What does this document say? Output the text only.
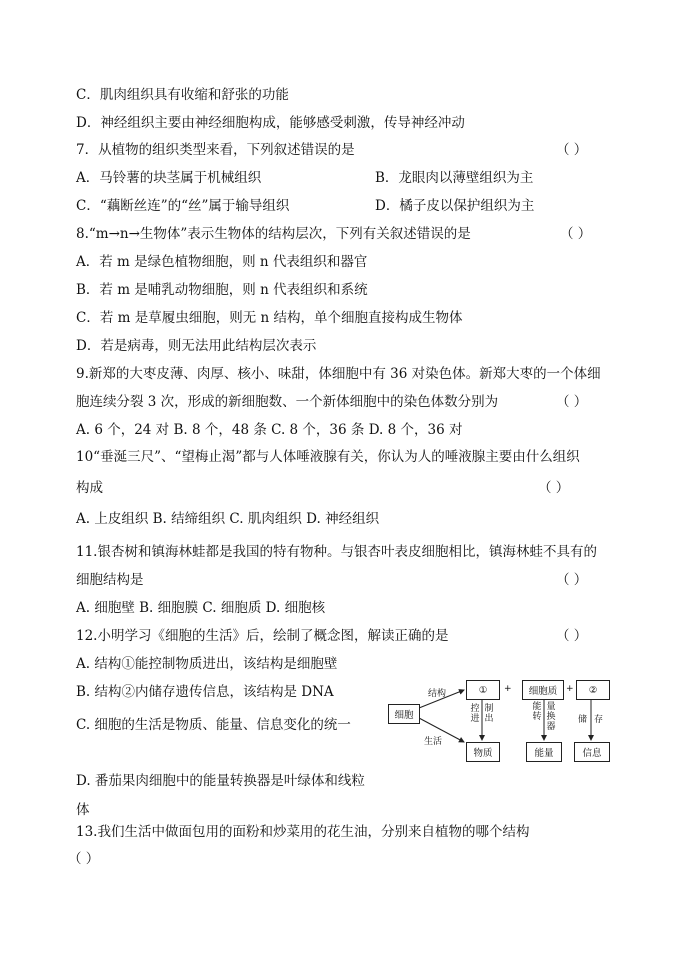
C．肌肉组织具有收缩和舒张的功能
D．神经组织主要由神经细胞构成，能够感受刺激，传导神经冲动
7．从植物的组织类型来看，下列叙述错误的是	（ ）
A．马铃薯的块茎属于机械组织	B．龙眼肉以薄壁组织为主
C．“藕断丝连”的“丝”属于输导组织	D．橘子皮以保护组织为主
8.“m→n→生物体”表示生物体的结构层次，下列有关叙述错误的是	（ ）
A．若 m 是绿色植物细胞，则 n 代表组织和器官
B．若 m 是哺乳动物细胞，则 n 代表组织和系统
C．若 m 是草履虫细胞，则无 n 结构，单个细胞直接构成生物体
D．若是病毒，则无法用此结构层次表示
9.新郑的大枣皮薄、肉厚、核小、味甜，体细胞中有 36 对染色体。新郑大枣的一个体细
胞连续分裂 3 次，形成的新细胞数、一个新体细胞中的染色体数分别为	（ ）
A. 6 个，24 对 B. 8 个，48 条 C. 8 个，36 条 D. 8 个，36 对
10“垂涎三尺”、“望梅止渴”都与人体唾液腺有关，你认为人的唾液腺主要由什么组织
构成	（ ）
A. 上皮组织 B. 结缔组织 C. 肌肉组织 D. 神经组织
11.银杏树和镇海林蛙都是我国的特有物种。与银杏叶表皮细胞相比，镇海林蛙不具有的
细胞结构是	（ ）
A. 细胞壁 B. 细胞膜 C. 细胞质 D. 细胞核
12.小明学习《细胞的生活》后，绘制了概念图，解读正确的是	（ ）
A. 结构①能控制物质进出，该结构是细胞壁
B. 结构②内储存遗传信息，该结构是 DNA
C. 细胞的生活是物质、能量、信息变化的统一
D. 番茄果肉细胞中的能量转换器是叶绿体和线粒体
13.我们生活中做面包用的面粉和炒菜用的花生油，分别来自植物的哪个结构
（ ）
细胞
结构
生活
①	+	细胞质 +	②
控进
制出
能转
量换器
储 存
物质	能量	信息
